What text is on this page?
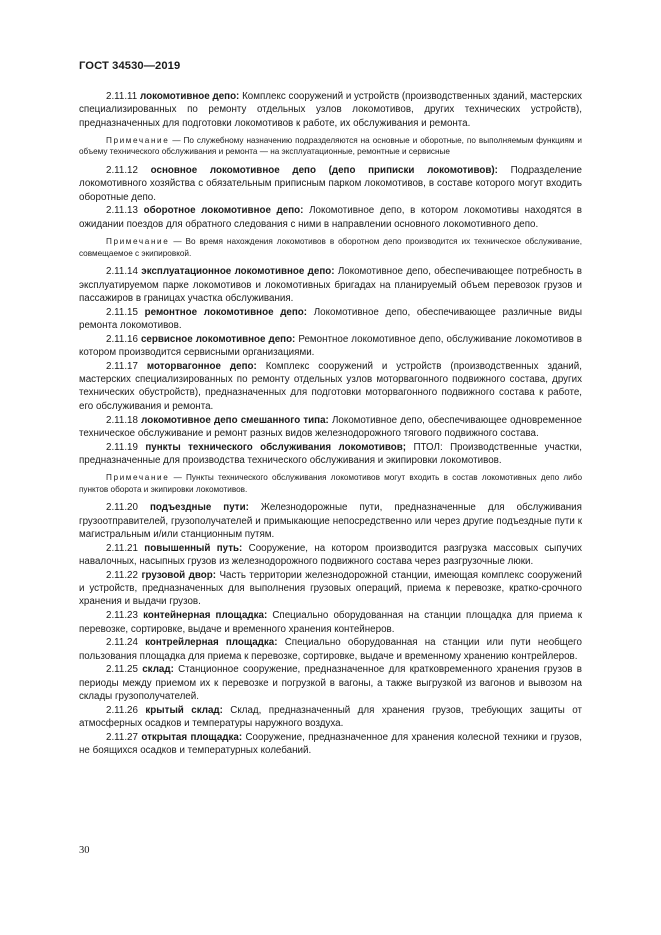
ГОСТ 34530—2019

2.11.11 локомотивное депо: Комплекс сооружений и устройств (производственных зданий, мастерских специализированных по ремонту отдельных узлов локомотивов, других технических устройств), предназначенных для подготовки локомотивов к работе, их обслуживания и ремонта.

Примечание — По служебному назначению подразделяются на основные и оборотные, по выполняемым функциям и объему технического обслуживания и ремонта — на эксплуатационные, ремонтные и сервисные

2.11.12 основное локомотивное депо (депо приписки локомотивов): Подразделение локомотивного хозяйства с обязательным приписным парком локомотивов, в составе которого могут входить оборотные депо.

2.11.13 оборотное локомотивное депо: Локомотивное депо, в котором локомотивы находятся в ожидании поездов для обратного следования с ними в направлении основного локомотивного депо.

Примечание — Во время нахождения локомотивов в оборотном депо производится их техническое обслуживание, совмещаемое с экипировкой.

2.11.14 эксплуатационное локомотивное депо: Локомотивное депо, обеспечивающее потребность в эксплуатируемом парке локомотивов и локомотивных бригадах на планируемый объем перевозок грузов и пассажиров в границах участка обслуживания.

2.11.15 ремонтное локомотивное депо: Локомотивное депо, обеспечивающее различные виды ремонта локомотивов.

2.11.16 сервисное локомотивное депо: Ремонтное локомотивное депо, обслуживание локомотивов в котором производится сервисными организациями.

2.11.17 моторвагонное депо: Комплекс сооружений и устройств (производственных зданий, мастерских специализированных по ремонту отдельных узлов моторвагонного подвижного состава, других технических обустройств), предназначенных для подготовки моторвагонного подвижного состава к работе, его обслуживания и ремонта.

2.11.18 локомотивное депо смешанного типа: Локомотивное депо, обеспечивающее одновременное техническое обслуживание и ремонт разных видов железнодорожного тягового подвижного состава.

2.11.19 пункты технического обслуживания локомотивов; ПТОЛ: Производственные участки, предназначенные для производства технического обслуживания и экипировки локомотивов.

Примечание — Пункты технического обслуживания локомотивов могут входить в состав локомотивных депо либо пунктов оборота и экипировки локомотивов.

2.11.20 подъездные пути: Железнодорожные пути, предназначенные для обслуживания грузоотправителей, грузополучателей и примыкающие непосредственно или через другие подъездные пути к магистральным и/или станционным путям.

2.11.21 повышенный путь: Сооружение, на котором производится разгрузка массовых сыпучих навалочных, насыпных грузов из железнодорожного подвижного состава через разгрузочные люки.

2.11.22 грузовой двор: Часть территории железнодорожной станции, имеющая комплекс сооружений и устройств, предназначенных для выполнения грузовых операций, приема к перевозке, кратко-срочного хранения и выдачи грузов.

2.11.23 контейнерная площадка: Специально оборудованная на станции площадка для приема к перевозке, сортировке, выдаче и временного хранения контейнеров.

2.11.24 контрейлерная площадка: Специально оборудованная на станции или пути необщего пользования площадка для приема к перевозке, сортировке, выдаче и временному хранению контрейлеров.

2.11.25 склад: Станционное сооружение, предназначенное для кратковременного хранения грузов в периоды между приемом их к перевозке и погрузкой в вагоны, а также выгрузкой из вагонов и вывозом на склады грузополучателей.

2.11.26 крытый склад: Склад, предназначенный для хранения грузов, требующих защиты от атмосферных осадков и температуры наружного воздуха.

2.11.27 открытая площадка: Сооружение, предназначенное для хранения колесной техники и грузов, не боящихся осадков и температурных колебаний.

30
